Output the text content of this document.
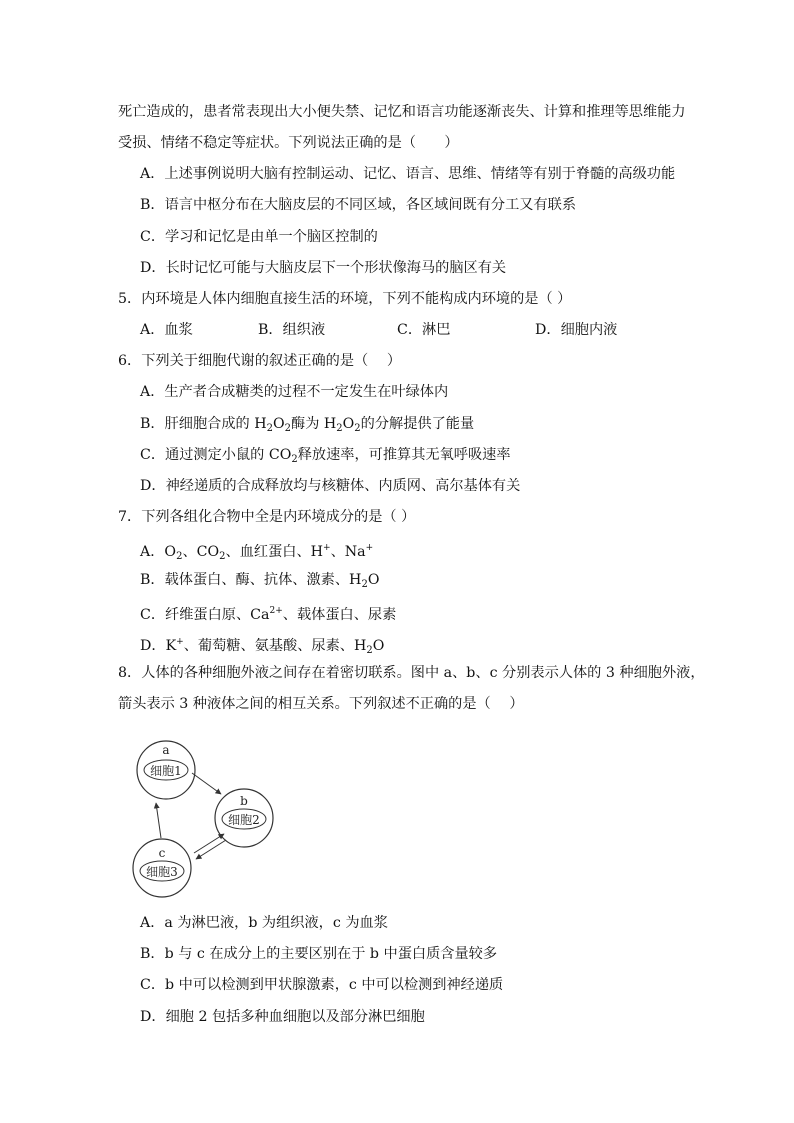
死亡造成的，患者常表现出大小便失禁、记忆和语言功能逐渐丧失、计算和推理等思维能力
受损、情绪不稳定等症状。下列说法正确的是（　　）
A．上述事例说明大脑有控制运动、记忆、语言、思维、情绪等有别于脊髓的高级功能
B．语言中枢分布在大脑皮层的不同区域，各区域间既有分工又有联系
C．学习和记忆是由单一个脑区控制的
D．长时记忆可能与大脑皮层下一个形状像海马的脑区有关
5．内环境是人体内细胞直接生活的环境，下列不能构成内环境的是（ ）
A．血浆	B．组织液	C．淋巴	D．细胞内液
6．下列关于细胞代谢的叙述正确的是（　 ）
A．生产者合成糖类的过程不一定发生在叶绿体内
B．肝细胞合成的 $H_2O_2$酶为 $H_2O_2$的分解提供了能量
C．通过测定小鼠的 $CO_2$释放速率，可推算其无氧呼吸速率
D．神经递质的合成释放均与核糖体、内质网、高尔基体有关
7．下列各组化合物中全是内环境成分的是（ ）
A．$O_2$、$CO_2$、血红蛋白、H+、Na+
B．载体蛋白、酶、抗体、激素、$H_2O$
C．纤维蛋白原、$Ca^{2+}$、载体蛋白、尿素
D．K+、葡萄糖、氨基酸、尿素、$H_2O$
8．人体的各种细胞外液之间存在着密切联系。图中 a、b、c 分别表示人体的 3 种细胞外液，
箭头表示 3 种液体之间的相互关系。下列叙述不正确的是（　 ）
a
细胞1
b
细胞2
c
细胞3
A．a 为淋巴液，b 为组织液，c 为血浆
B．b 与 c 在成分上的主要区别在于 b 中蛋白质含量较多
C．b 中可以检测到甲状腺激素，c 中可以检测到神经递质
D．细胞 2 包括多种血细胞以及部分淋巴细胞
